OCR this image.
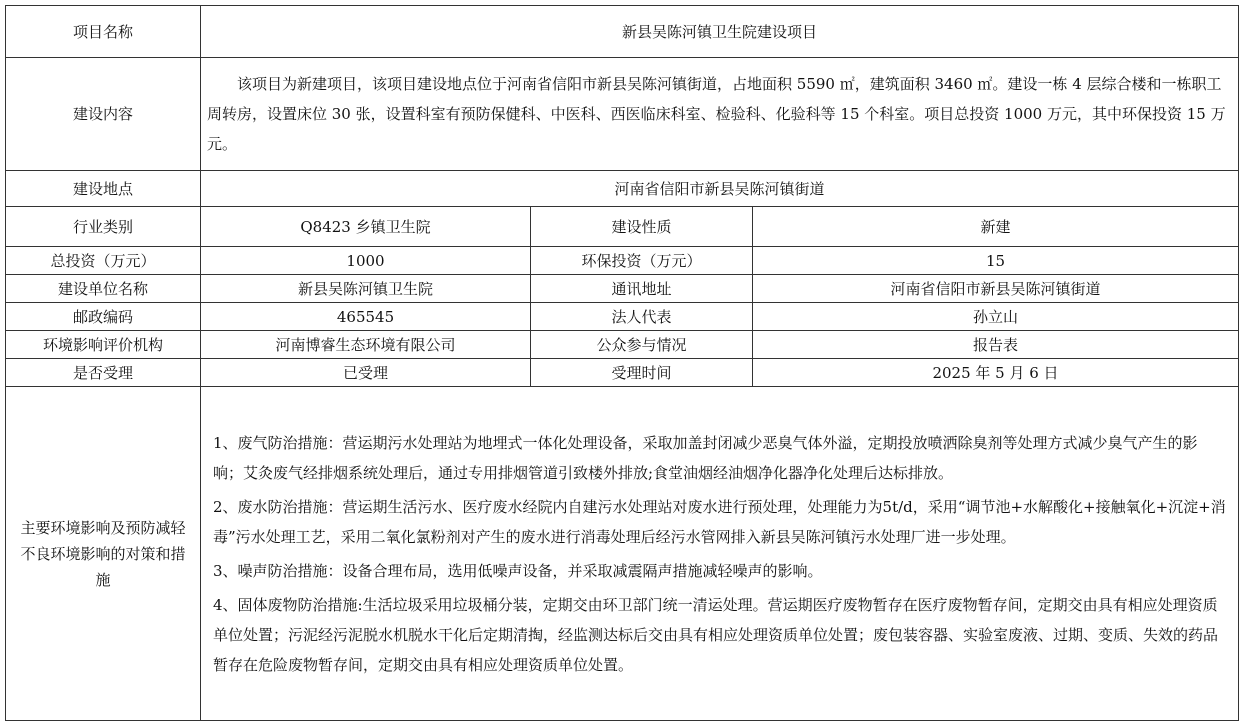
项目名称	新县吴陈河镇卫生院建设项目		
建设内容	该项目为新建项目，该项目建设地点位于河南省信阳市新县吴陈河镇街道，占地面积 5590 ㎡，建筑面积 3460 ㎡。建设一栋 4 层综合楼和一栋职工周转房，设置床位 30 张，设置科室有预防保健科、中医科、西医临床科室、检验科、化验科等 15 个科室。项目总投资 1000 万元，其中环保投资 15 万元。		
建设地点	河南省信阳市新县吴陈河镇街道		
行业类别	Q8423 乡镇卫生院	建设性质	新建
总投资（万元）	1000	环保投资（万元）	15
建设单位名称	新县吴陈河镇卫生院	通讯地址	河南省信阳市新县吴陈河镇街道
邮政编码	465545	法人代表	孙立山
环境影响评价机构	河南博睿生态环境有限公司	公众参与情况	报告表
是否受理	已受理	受理时间	2025 年 5 月 6 日
主要环境影响及预防减轻不良环境影响的对策和措施	1、废气防治措施：营运期污水处理站为地埋式一体化处理设备，采取加盖封闭减少恶臭气体外溢，定期投放喷洒除臭剂等处理方式减少臭气产生的影响；艾灸废气经排烟系统处理后，通过专用排烟管道引致楼外排放;食堂油烟经油烟净化器净化处理后达标排放。

2、废水防治措施：营运期生活污水、医疗废水经院内自建污水处理站对废水进行预处理，处理能力为5t/d，采用“调节池+水解酸化+接触氧化+沉淀+消毒”污水处理工艺，采用二氧化氯粉剂对产生的废水进行消毒处理后经污水管网排入新县吴陈河镇污水处理厂进一步处理。

3、噪声防治措施：设备合理布局，选用低噪声设备，并采取减震隔声措施减轻噪声的影响。

4、固体废物防治措施:生活垃圾采用垃圾桶分装，定期交由环卫部门统一清运处理。营运期医疗废物暂存在医疗废物暂存间，定期交由具有相应处理资质单位处置；污泥经污泥脱水机脱水干化后定期清掏，经监测达标后交由具有相应处理资质单位处置；废包装容器、实验室废液、过期、变质、失效的药品暂存在危险废物暂存间，定期交由具有相应处理资质单位处置。		
